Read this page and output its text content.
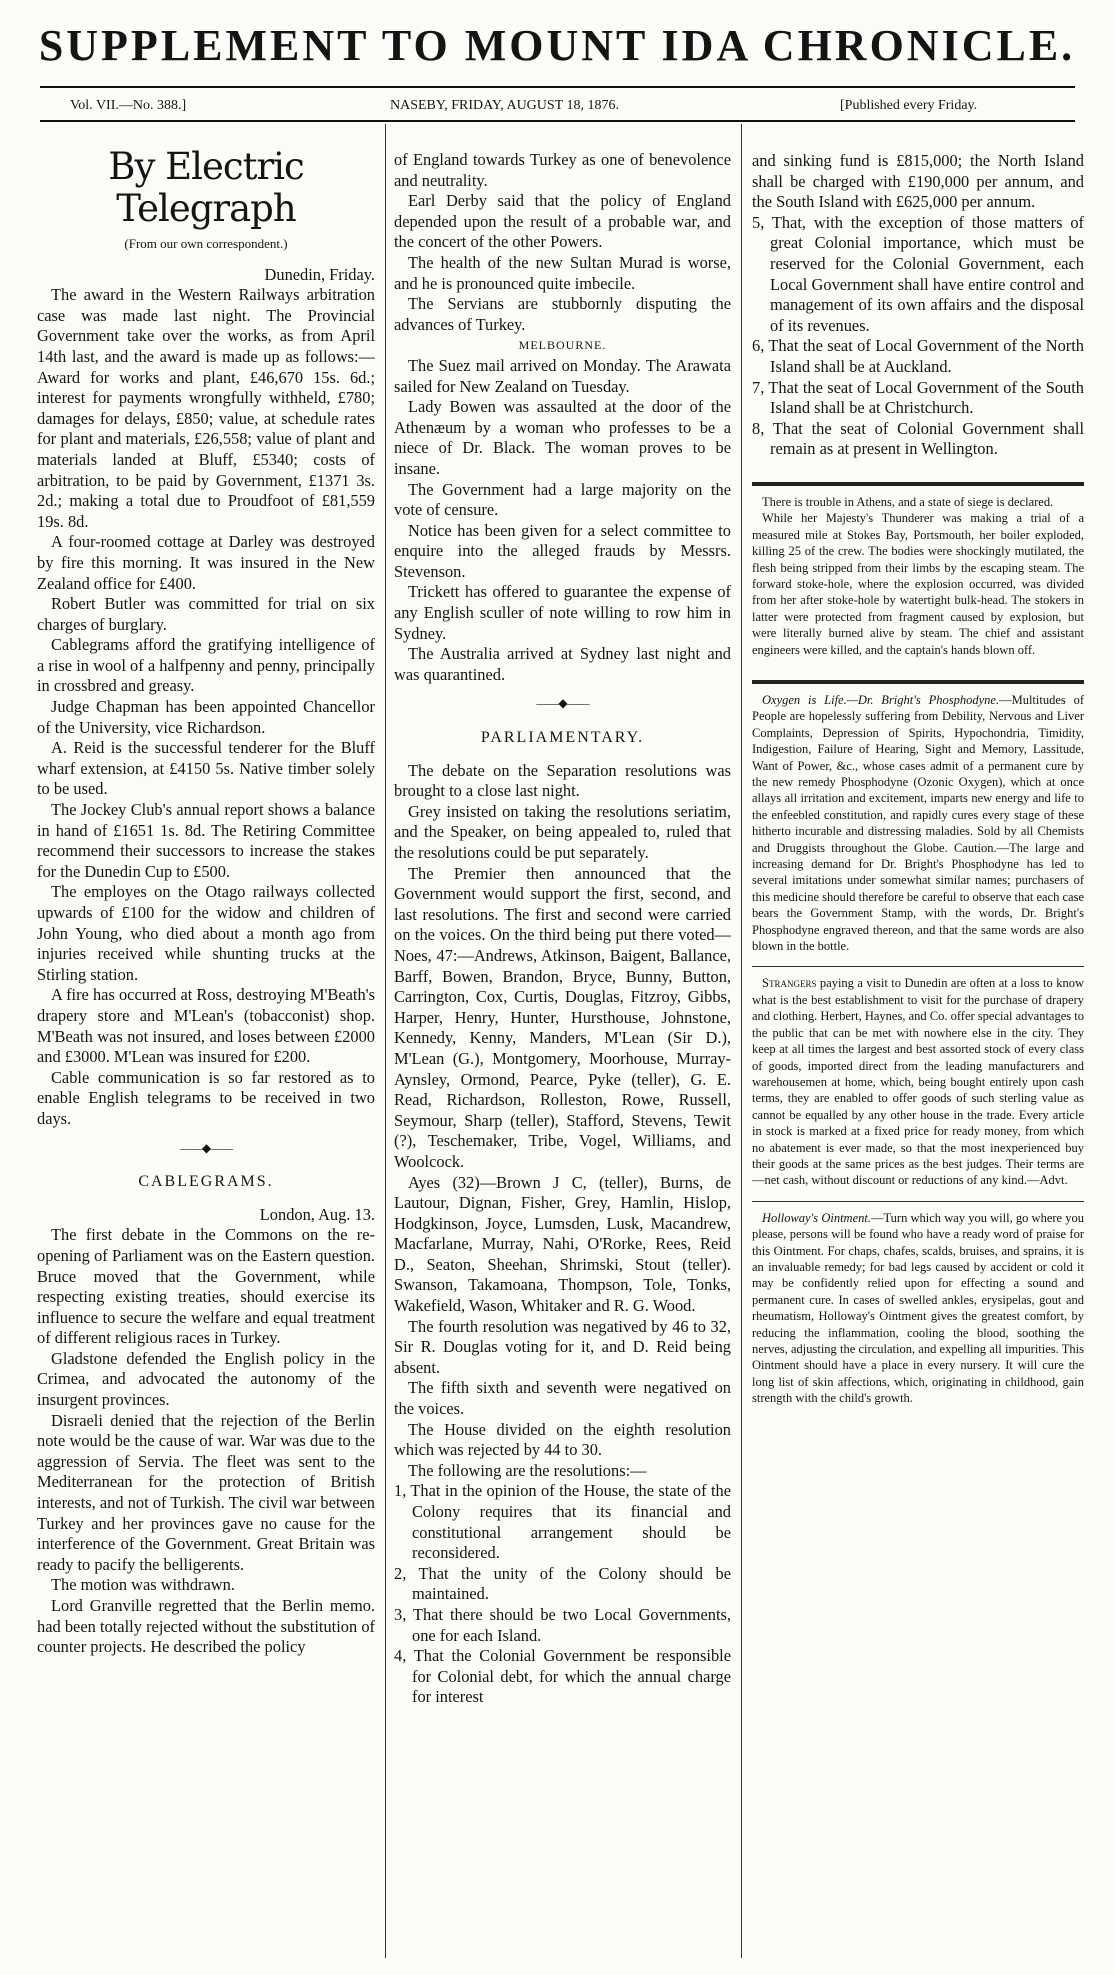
SUPPLEMENT TO MOUNT IDA CHRONICLE.
Vol. VII.—No. 388.]	NASEBY, FRIDAY, AUGUST 18, 1876.	[Published every Friday.
By Electric Telegraph
(From our own correspondent.)

Dunedin, Friday.

The award in the Western Railways arbitration case was made last night. The Provincial Government take over the works, as from April 14th last, and the award is made up as follows:—Award for works and plant, £46,670 15s. 6d.; interest for payments wrongfully withheld, £780; damages for delays, £850; value, at schedule rates for plant and materials, £26,558; value of plant and materials landed at Bluff, £5340; costs of arbitration, to be paid by Government, £1371 3s. 2d.; making a total due to Proudfoot of £81,559 19s. 8d.

A four-roomed cottage at Darley was destroyed by fire this morning. It was insured in the New Zealand office for £400.

Robert Butler was committed for trial on six charges of burglary.

Cablegrams afford the gratifying intelligence of a rise in wool of a halfpenny and penny, principally in crossbred and greasy.

Judge Chapman has been appointed Chancellor of the University, vice Richardson.

A. Reid is the successful tenderer for the Bluff wharf extension, at £4150 5s. Native timber solely to be used.

The Jockey Club's annual report shows a balance in hand of £1651 1s. 8d. The Retiring Committee recommend their successors to increase the stakes for the Dunedin Cup to £500.

The employes on the Otago railways collected upwards of £100 for the widow and children of John Young, who died about a month ago from injuries received while shunting trucks at the Stirling station.

A fire has occurred at Ross, destroying M'Beath's drapery store and M'Lean's (tobacconist) shop. M'Beath was not insured, and loses between £2000 and £3000. M'Lean was insured for £200.

Cable communication is so far restored as to enable English telegrams to be received in two days.

——◆——
CABLEGRAMS.

London, Aug. 13.

The first debate in the Commons on the re-opening of Parliament was on the Eastern question. Bruce moved that the Government, while respecting existing treaties, should exercise its influence to secure the welfare and equal treatment of different religious races in Turkey.

Gladstone defended the English policy in the Crimea, and advocated the autonomy of the insurgent provinces.

Disraeli denied that the rejection of the Berlin note would be the cause of war. War was due to the aggression of Servia. The fleet was sent to the Mediterranean for the protection of British interests, and not of Turkish. The civil war between Turkey and her provinces gave no cause for the interference of the Government. Great Britain was ready to pacify the belligerents.

The motion was withdrawn.

Lord Granville regretted that the Berlin memo. had been totally rejected without the substitution of counter projects. He described the policy

of England towards Turkey as one of benevolence and neutrality.

Earl Derby said that the policy of England depended upon the result of a probable war, and the concert of the other Powers.

The health of the new Sultan Murad is worse, and he is pronounced quite imbecile.

The Servians are stubbornly disputing the advances of Turkey.

MELBOURNE.

The Suez mail arrived on Monday. The Arawata sailed for New Zealand on Tuesday.

Lady Bowen was assaulted at the door of the Athenæum by a woman who professes to be a niece of Dr. Black. The woman proves to be insane.

The Government had a large majority on the vote of censure.

Notice has been given for a select committee to enquire into the alleged frauds by Messrs. Stevenson.

Trickett has offered to guarantee the expense of any English sculler of note willing to row him in Sydney.

The Australia arrived at Sydney last night and was quarantined.

——◆——
PARLIAMENTARY.

The debate on the Separation resolutions was brought to a close last night.

Grey insisted on taking the resolutions seriatim, and the Speaker, on being appealed to, ruled that the resolutions could be put separately.

The Premier then announced that the Government would support the first, second, and last resolutions. The first and second were carried on the voices. On the third being put there voted—Noes, 47:—Andrews, Atkinson, Baigent, Ballance, Barff, Bowen, Brandon, Bryce, Bunny, Button, Carrington, Cox, Curtis, Douglas, Fitzroy, Gibbs, Harper, Henry, Hunter, Hursthouse, Johnstone, Kennedy, Kenny, Manders, M'Lean (Sir D.), M'Lean (G.), Montgomery, Moorhouse, Murray-Aynsley, Ormond, Pearce, Pyke (teller), G. E. Read, Richardson, Rolleston, Rowe, Russell, Seymour, Sharp (teller), Stafford, Stevens, Tewit (?), Teschemaker, Tribe, Vogel, Williams, and Woolcock.

Ayes (32)—Brown J C, (teller), Burns, de Lautour, Dignan, Fisher, Grey, Hamlin, Hislop, Hodgkinson, Joyce, Lumsden, Lusk, Macandrew, Macfarlane, Murray, Nahi, O'Rorke, Rees, Reid D., Seaton, Sheehan, Shrimski, Stout (teller). Swanson, Takamoana, Thompson, Tole, Tonks, Wakefield, Wason, Whitaker and R. G. Wood.

The fourth resolution was negatived by 46 to 32, Sir R. Douglas voting for it, and D. Reid being absent.

The fifth sixth and seventh were negatived on the voices.

The House divided on the eighth resolution which was rejected by 44 to 30.

The following are the resolutions:—

1, That in the opinion of the House, the state of the Colony requires that its financial and constitutional arrangement should be reconsidered.

2, That the unity of the Colony should be maintained.

3, That there should be two Local Governments, one for each Island.

4, That the Colonial Government be responsible for Colonial debt, for which the annual charge for interest

and sinking fund is £815,000; the North Island shall be charged with £190,000 per annum, and the South Island with £625,000 per annum.

5, That, with the exception of those matters of great Colonial importance, which must be reserved for the Colonial Government, each Local Government shall have entire control and management of its own affairs and the disposal of its revenues.

6, That the seat of Local Government of the North Island shall be at Auckland.

7, That the seat of Local Government of the South Island shall be at Christchurch.

8, That the seat of Colonial Government shall remain as at present in Wellington.

There is trouble in Athens, and a state of siege is declared.

While her Majesty's Thunderer was making a trial of a measured mile at Stokes Bay, Portsmouth, her boiler exploded, killing 25 of the crew. The bodies were shockingly mutilated, the flesh being stripped from their limbs by the escaping steam. The forward stoke-hole, where the explosion occurred, was divided from her after stoke-hole by watertight bulk-head. The stokers in latter were protected from fragment caused by explosion, but were literally burned alive by steam. The chief and assistant engineers were killed, and the captain's hands blown off.

Oxygen is Life.—Dr. Bright's Phosphodyne.—Multitudes of People are hopelessly suffering from Debility, Nervous and Liver Complaints, Depression of Spirits, Hypochondria, Timidity, Indigestion, Failure of Hearing, Sight and Memory, Lassitude, Want of Power, &c., whose cases admit of a permanent cure by the new remedy Phosphodyne (Ozonic Oxygen), which at once allays all irritation and excitement, imparts new energy and life to the enfeebled constitution, and rapidly cures every stage of these hitherto incurable and distressing maladies. Sold by all Chemists and Druggists throughout the Globe. Caution.—The large and increasing demand for Dr. Bright's Phosphodyne has led to several imitations under somewhat similar names; purchasers of this medicine should therefore be careful to observe that each case bears the Government Stamp, with the words, Dr. Bright's Phosphodyne engraved thereon, and that the same words are also blown in the bottle.

Strangers paying a visit to Dunedin are often at a loss to know what is the best establishment to visit for the purchase of drapery and clothing. Herbert, Haynes, and Co. offer special advantages to the public that can be met with nowhere else in the city. They keep at all times the largest and best assorted stock of every class of goods, imported direct from the leading manufacturers and warehousemen at home, which, being bought entirely upon cash terms, they are enabled to offer goods of such sterling value as cannot be equalled by any other house in the trade. Every article in stock is marked at a fixed price for ready money, from which no abatement is ever made, so that the most inexperienced buy their goods at the same prices as the best judges. Their terms are—net cash, without discount or reductions of any kind.—Advt.

Holloway's Ointment.—Turn which way you will, go where you please, persons will be found who have a ready word of praise for this Ointment. For chaps, chafes, scalds, bruises, and sprains, it is an invaluable remedy; for bad legs caused by accident or cold it may be confidently relied upon for effecting a sound and permanent cure. In cases of swelled ankles, erysipelas, gout and rheumatism, Holloway's Ointment gives the greatest comfort, by reducing the inflammation, cooling the blood, soothing the nerves, adjusting the circulation, and expelling all impurities. This Ointment should have a place in every nursery. It will cure the long list of skin affections, which, originating in childhood, gain strength with the child's growth.
